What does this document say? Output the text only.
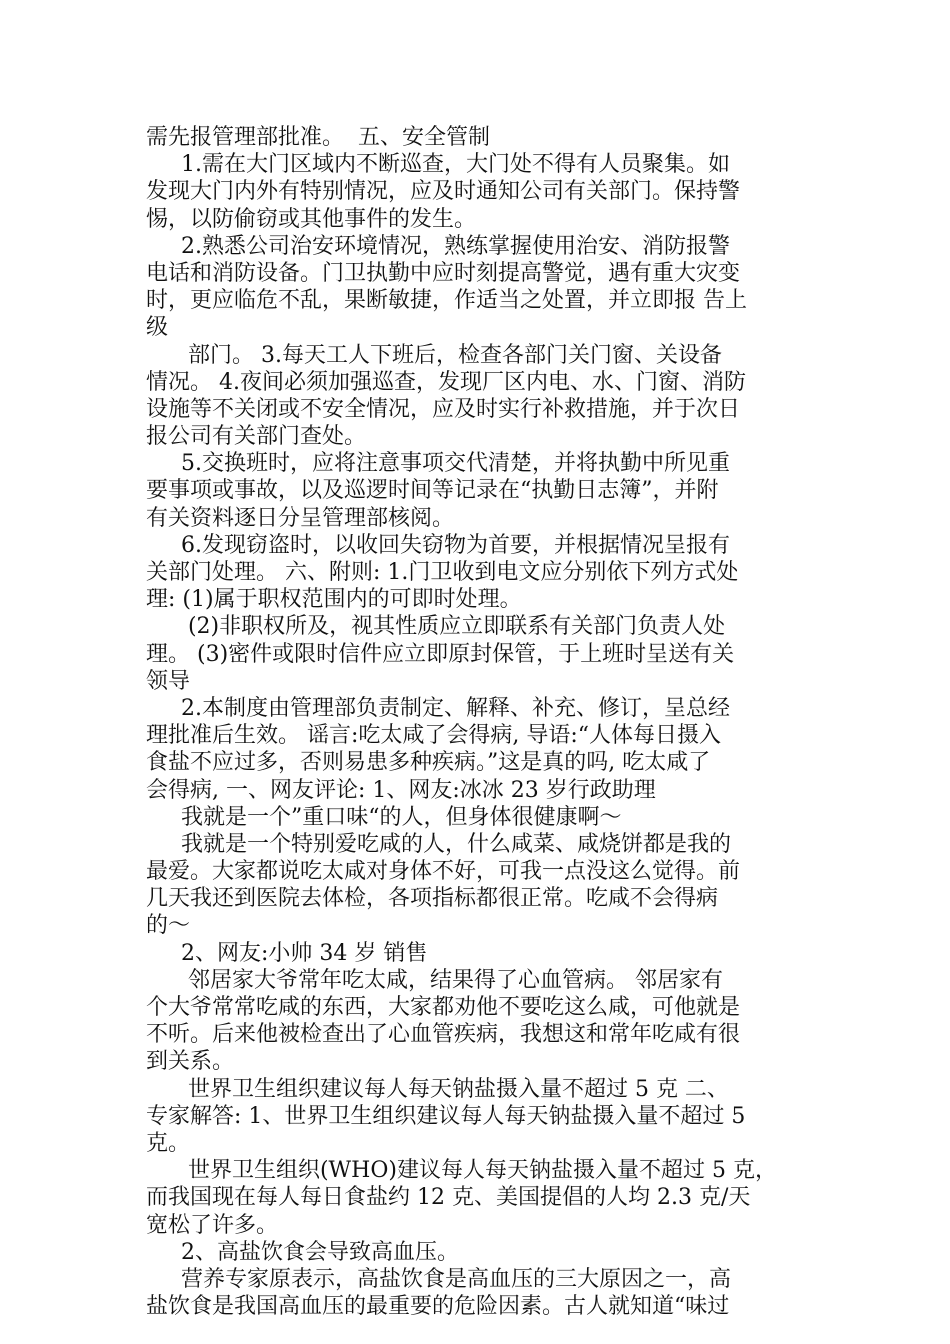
需先报管理部批准。  五、安全管制
1.需在大门区域内不断巡查，大门处不得有人员聚集。如
发现大门内外有特别情况，应及时通知公司有关部门。保持警
惕，以防偷窃或其他事件的发生。
2.熟悉公司治安环境情况，熟练掌握使用治安、消防报警
电话和消防设备。门卫执勤中应时刻提高警觉，遇有重大灾变
时，更应临危不乱，果断敏捷，作适当之处置，并立即报 告上
级
部门。 3.每天工人下班后，检查各部门关门窗、关设备
情况。 4.夜间必须加强巡查，发现厂区内电、水、门窗、消防
设施等不关闭或不安全情况，应及时实行补救措施，并于次日
报公司有关部门查处。
5.交换班时，应将注意事项交代清楚，并将执勤中所见重
要事项或事故，以及巡逻时间等记录在“执勤日志簿”，并附
有关资料逐日分呈管理部核阅。
6.发现窃盗时，以收回失窃物为首要，并根据情况呈报有
关部门处理。 六、附则: 1.门卫收到电文应分别依下列方式处
理: (1)属于职权范围内的可即时处理。
(2)非职权所及，视其性质应立即联系有关部门负责人处
理。 (3)密件或限时信件应立即原封保管，于上班时呈送有关
领导
2.本制度由管理部负责制定、解释、补充、修订，呈总经
理批准后生效。 谣言:吃太咸了会得病, 导语:“人体每日摄入
食盐不应过多，否则易患多种疾病。”这是真的吗, 吃太咸了
会得病, 一、网友评论: 1、网友:冰冰 23 岁行政助理
我就是一个”重口味“的人，但身体很健康啊～
我就是一个特别爱吃咸的人，什么咸菜、咸烧饼都是我的
最爱。大家都说吃太咸对身体不好，可我一点没这么觉得。前
几天我还到医院去体检，各项指标都很正常。吃咸不会得病
的～
2、网友:小帅 34 岁 销售
邻居家大爷常年吃太咸，结果得了心血管病。 邻居家有
个大爷常常吃咸的东西，大家都劝他不要吃这么咸，可他就是
不听。后来他被检查出了心血管疾病，我想这和常年吃咸有很
到关系。
世界卫生组织建议每人每天钠盐摄入量不超过 5 克 二、
专家解答: 1、世界卫生组织建议每人每天钠盐摄入量不超过 5
克。
世界卫生组织(WHO)建议每人每天钠盐摄入量不超过 5 克，
而我国现在每人每日食盐约 12 克、美国提倡的人均 2.3 克/天
宽松了许多。
2、高盐饮食会导致高血压。
营养专家原表示，高盐饮食是高血压的三大原因之一，高
盐饮食是我国高血压的最重要的危险因素。古人就知道“味过
